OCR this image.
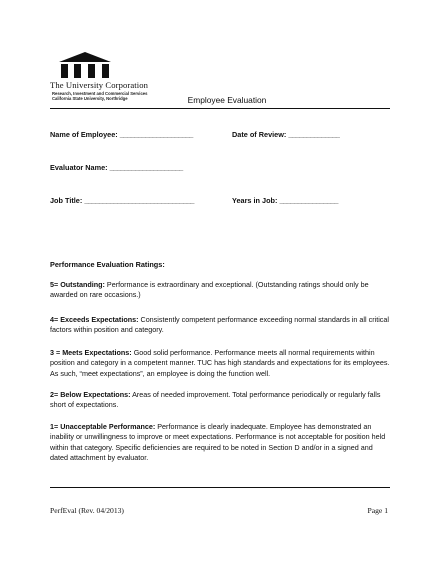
The University Corporation
Research, Investment and Commercial Services
California State University, Northridge	Employee Evaluation
Name of Employee: ____________________	Date of Review: ______________
Evaluator Name: ____________________
Job Title: ______________________________	Years in Job: ________________
Performance Evaluation Ratings:
5= Outstanding: Performance is extraordinary and exceptional. (Outstanding ratings should only be awarded on rare occasions.)
4= Exceeds Expectations: Consistently competent performance exceeding normal standards in all critical factors within position and category.
3 = Meets Expectations: Good solid performance. Performance meets all normal requirements within position and category in a competent manner. TUC has high standards and expectations for its employees. As such, “meet expectations”, an employee is doing the function well.
2= Below Expectations: Areas of needed improvement. Total performance periodically or regularly falls short of expectations.
1= Unacceptable Performance: Performance is clearly inadequate. Employee has demonstrated an inability or unwillingness to improve or meet expectations. Performance is not acceptable for position held within that category. Specific deficiencies are required to be noted in Section D and/or in a signed and dated attachment by evaluator.
PerfEval (Rev. 04/2013)	Page 1
